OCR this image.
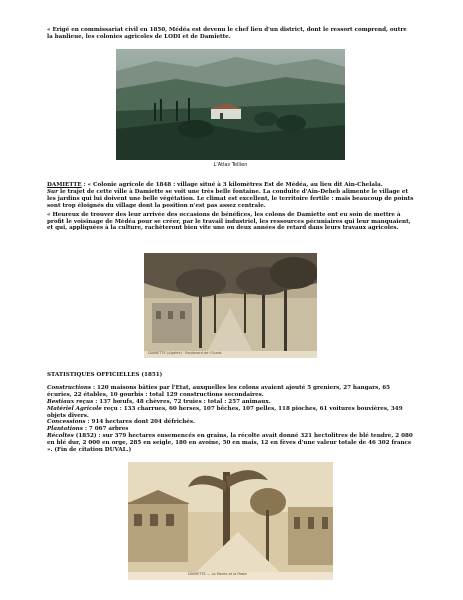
« Erigé en commissariat civil en 1850, Médéa est devenu le chef lieu d'un district, dont le ressort comprend, outre la banlieue, les colonies agricoles de LODI et de Damiette.
L'Atlas Tellien

DAMIETTE : « Colonie agricole de 1848 : village situé à 3 kilomètres Est de Médéa, au lieu dit Ain-Chelala.
Sur le trajet de cette ville à Damiette se voit une très belle fontaine. La conduite d'Ain-Deheb alimente le village et les jardins qui lui doivent une belle végétation. Le climat est excellent, le territoire fertile : mais beaucoup de points sont trop éloignés du village dont la position n'est pas assez centrale.

« Heureux de trouver des leur arrivée des occasions de bénéfices, les colons de Damiette ont eu soin de mettre à profit le voisinage de Médéa pour se créer, par le travail industriel, les ressources pécuniaires qui leur manquaient, et qui, appliquées à la culture, rachèteront bien vite une ou deux années de retard dans leurs travaux agricoles.

DAMIETTE (Algérie) · Boulevard de l'Ouest

STATISTIQUES OFFICIELLES (1851)

Constructions : 120 maisons bâties par l'Etat, auxquelles les colons avaient ajouté 5 greniers, 27 hangars, 65 écuries, 22 étables, 10 gourbis : total 129 constructions secondaires.

Bestiaux reçus : 137 bœufs, 48 chèvres, 72 truies : total : 257 animaux.

Matériel Agricole reçu : 133 charrues, 60 herses, 107 bêches, 107 pelles, 118 pioches, 61 voitures bouvières, 349 objets divers.

Concessions : 914 hectares dont 204 défrichés.

Plantations : 7 067 arbres

Récoltes (1852) : sur 379 hectares ensemencés en grains, la récolte avait donné 321 hectolitres de blé tendre, 2 080 en blé dur, 2 000 en orge, 285 en seigle, 180 en avoine, 50 en mais, 12 en fèves d'une valeur totale de 46 302 francs ». (Fin de citation DUVAL.)

DAMIETTE — La Mairie et la Poste
